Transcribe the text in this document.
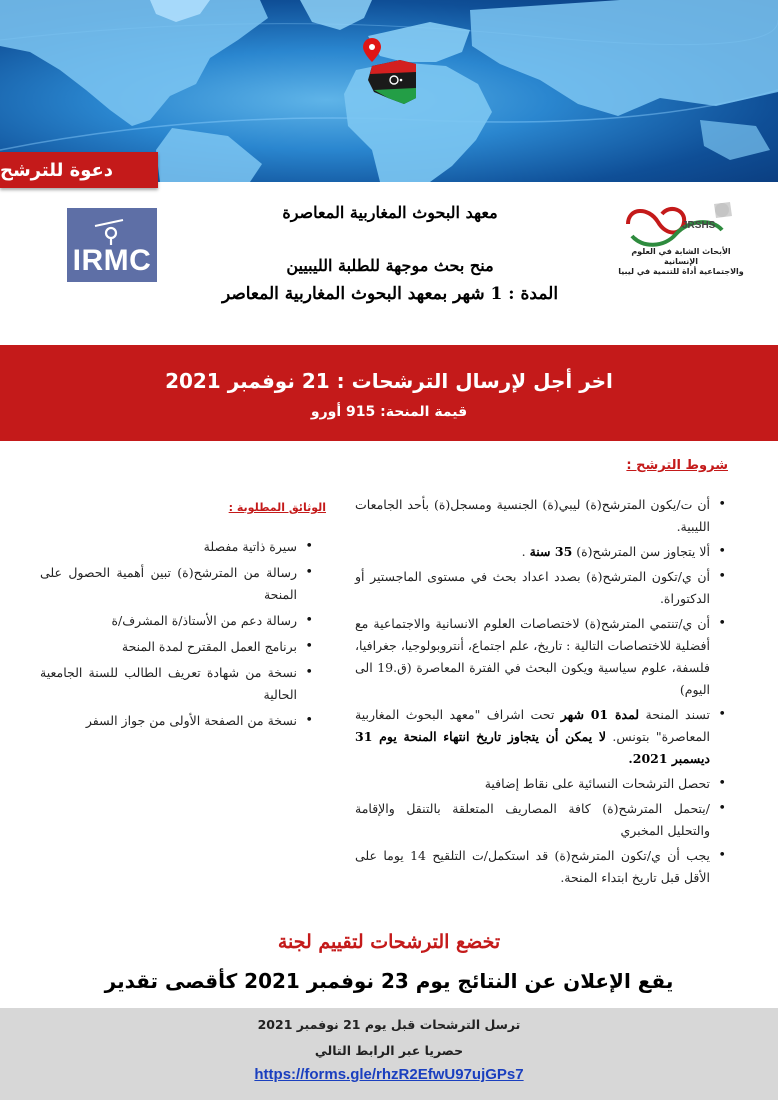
دعوة للترشح
IRMC
JRSHS
الأبحاث الشابة في العلوم الإنسانية
والاجتماعية أداة للتنمية في ليبيا
معهد البحوث المغاربية المعاصرة
منح بحث موجهة للطلبة الليبيين
المدة : 1 شهر بمعهد البحوث المغاربية المعاصر
اخر أجل لإرسال الترشحات : 21 نوفمبر 2021
قيمة المنحة: 915 أورو
شروط الترشح :
• أن ت/يكون المترشح(ة) ليبي(ة) الجنسية ومسجل(ة) بأحد الجامعات الليبية.
• ألا يتجاوز سن المترشح(ة) 35 سنة .
• أن ي/تكون المترشح(ة) بصدد اعداد بحث في مستوى الماجستير أو الدكتوراة.
• أن ي/تنتمي المترشح(ة) لاختصاصات العلوم الانسانية والاجتماعية مع أفضلية للاختصاصات التالية : تاريخ، علم اجتماع، أنتروبولوجيا، جغرافيا، فلسفة، علوم سياسية ويكون البحث في الفترة المعاصرة (ق.19 الى اليوم)
• تسند المنحة لمدة 01 شهر تحت اشراف "معهد البحوث المغاربية المعاصرة" بتونس. لا يمكن أن يتجاوز تاريخ انتهاء المنحة يوم 31 ديسمبر 2021.
• تحصل الترشحات النسائية على نقاط إضافية
• /يتحمل المترشح(ة) كافة المصاريف المتعلقة بالتنقل والإقامة والتحليل المخبري
• يجب أن ي/تكون المترشح(ة) قد استكمل/ت التلقيح 14 يوما على الأقل قبل تاريخ ابتداء المنحة.
الوثائق المطلوبة :
• سيرة ذاتية مفصلة
• رسالة من المترشح(ة) تبين أهمية الحصول على المنحة
• رسالة دعم من الأستاذ/ة المشرف/ة
• برنامج العمل المقترح لمدة المنحة
• نسخة من شهادة تعريف الطالب للسنة الجامعية الحالية
• نسخة من الصفحة الأولى من جواز السفر
تخضع الترشحات لتقييم لجنة
يقع الإعلان عن النتائج يوم 23 نوفمبر 2021 كأقصى تقدير
ترسل الترشحات قبل يوم 21 نوفمبر 2021
حصريا عبر الرابط التالي
https://forms.gle/rhzR2EfwU97ujGPs7
